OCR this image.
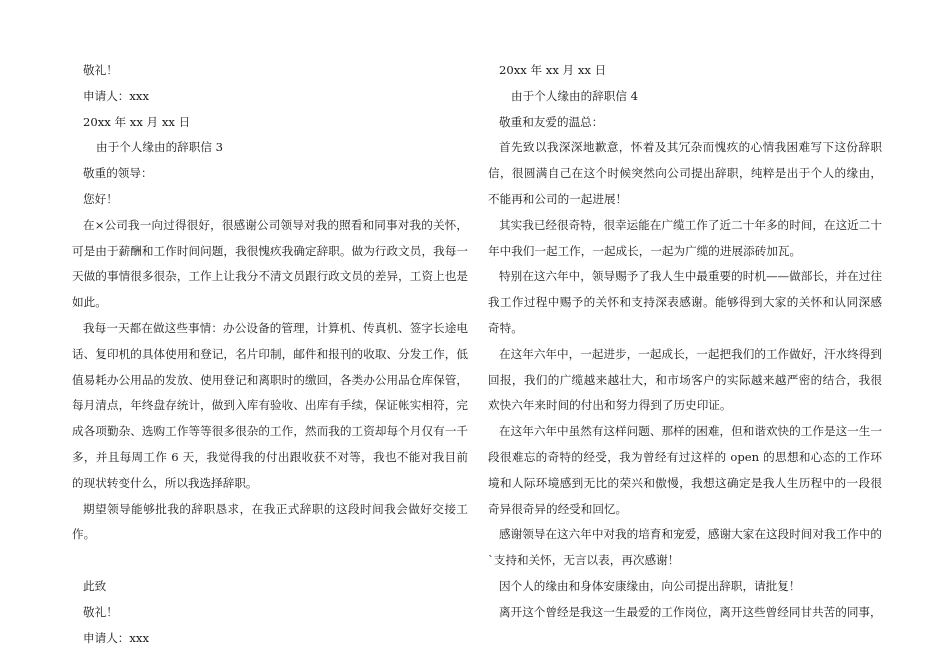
敬礼！
申请人：xxx
20xx 年 xx 月 xx 日
由于个人缘由的辞职信 3
敬重的领导：
您好！
在×公司我一向过得很好，很感谢公司领导对我的照看和同事对我的关怀，可是由于薪酬和工作时间问题，我很愧疚我确定辞职。做为行政文员，我每一天做的事情很多很杂，工作上让我分不清文员跟行政文员的差异，工资上也是如此。
我每一天都在做这些事情：办公设备的管理，计算机、传真机、签字长途电话、复印机的具体使用和登记，名片印制，邮件和报刊的收取、分发工作，低值易耗办公用品的发放、使用登记和离职时的缴回，各类办公用品仓库保管，每月清点，年终盘存统计，做到入库有验收、出库有手续，保证帐实相符，完成各项勤杂、选购工作等等很多很杂的工作，然而我的工资却每个月仅有一千多，并且每周工作 6 天，我觉得我的付出跟收获不对等，我也不能对我目前的现状转变什么，所以我选择辞职。
期望领导能够批我的辞职恳求，在我正式辞职的这段时间我会做好交接工作。
此致
敬礼！
申请人：xxx
20xx 年 xx 月 xx 日
由于个人缘由的辞职信 4
敬重和友爱的温总：
首先致以我深深地歉意，怀着及其冗杂而愧疚的心情我困难写下这份辞职信，很圆满自己在这个时候突然向公司提出辞职，纯粹是出于个人的缘由，不能再和公司的一起进展！
其实我已经很奇特，很幸运能在广缆工作了近二十年多的时间，在这近二十年中我们一起工作，一起成长，一起为广缆的进展添砖加瓦。
特别在这六年中，领导赐予了我人生中最重要的时机——做部长，并在过往我工作过程中赐予的关怀和支持深表感谢。能够得到大家的关怀和认同深感奇特。
在这年六年中，一起进步，一起成长，一起把我们的工作做好，汗水终得到回报，我们的广缆越来越壮大，和市场客户的实际越来越严密的结合，我很欢快六年来时间的付出和努力得到了历史印证。
在这年六年中虽然有这样问题、那样的困难，但和谐欢快的工作是这一生一段很难忘的奇特的经受，我为曾经有过这样的 open 的思想和心态的工作环境和人际环境感到无比的荣兴和傲慢，我想这确定是我人生历程中的一段很奇异很奇异的经受和回忆。
感谢领导在这六年中对我的培育和宠爱，感谢大家在这段时间对我工作中的`支持和关怀，无言以表，再次感谢！
因个人的缘由和身体安康缘由，向公司提出辞职，请批复！
离开这个曾经是我这一生最爱的工作岗位，离开这些曾经同甘共苦的同事，
